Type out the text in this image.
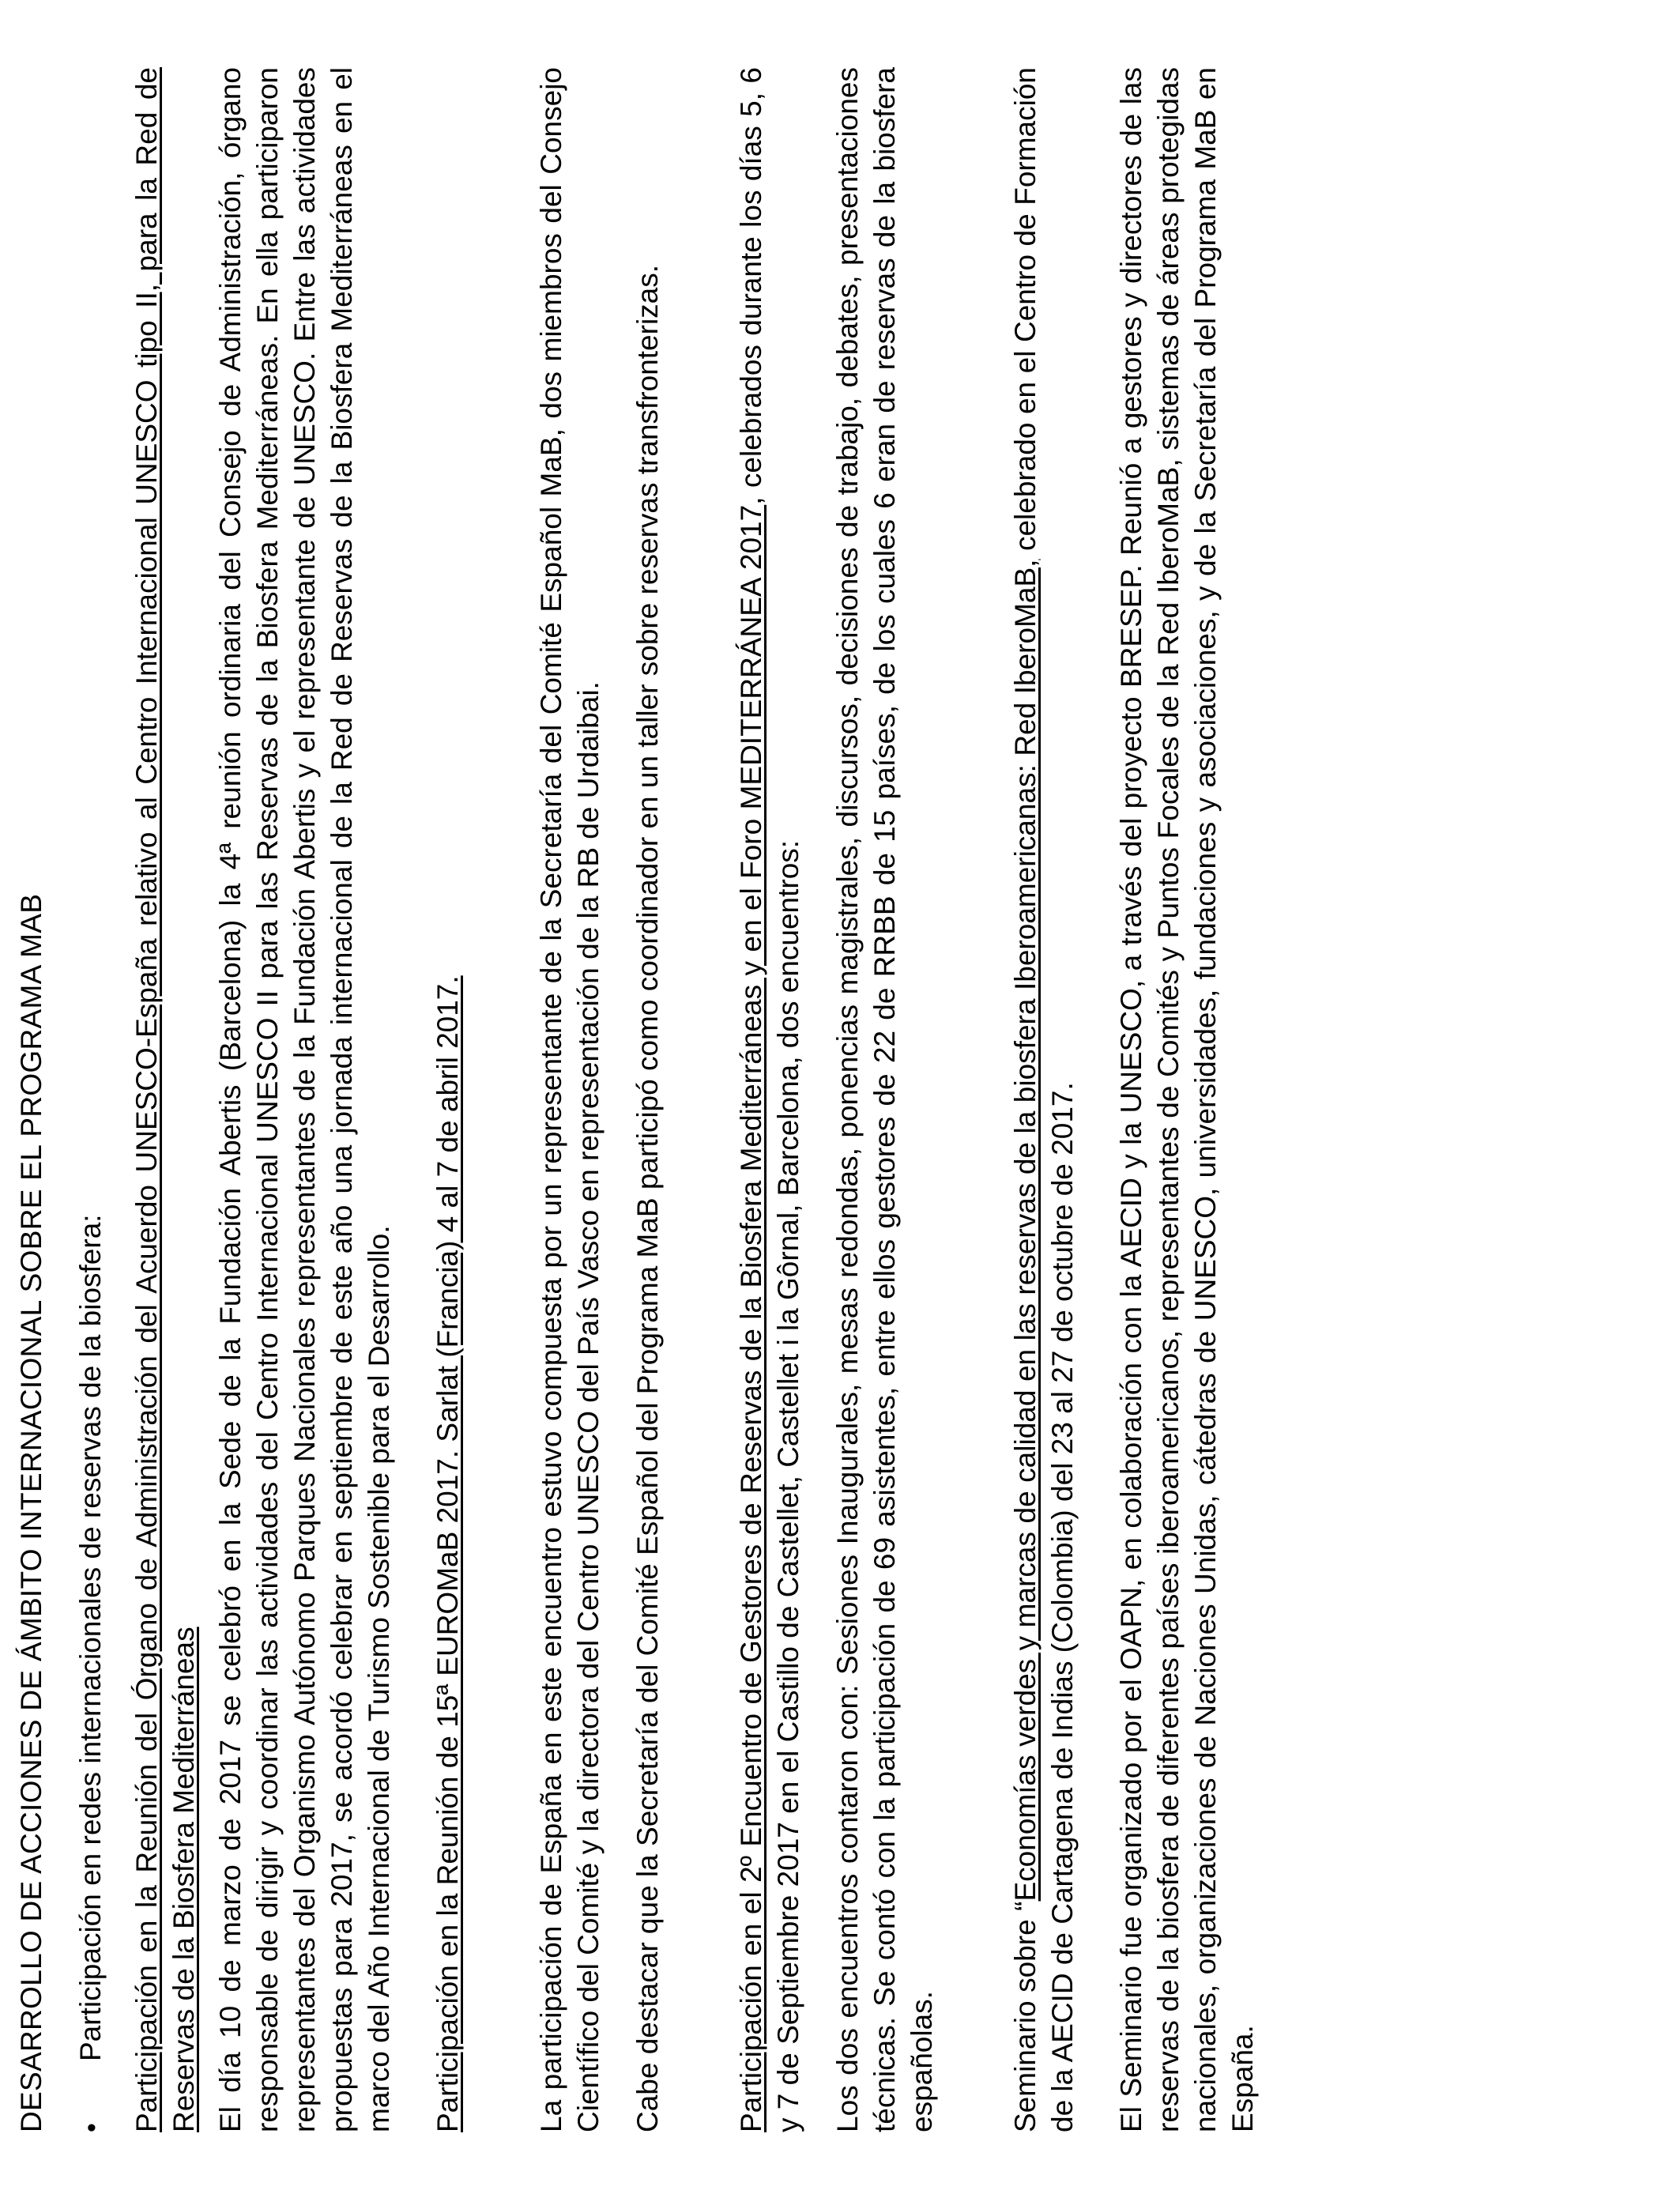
DESARROLLO DE ACCIONES DE ÁMBITO INTERNACIONAL SOBRE EL PROGRAMA MAB •
Participación en redes internacionales de reservas de la biosfera: Participación en la Reunión del Órgano de Administración del Acuerdo UNESCO-España relativo al Centro Internacional UNESCO tipo II, para la Red de Reservas de la Biosfera Mediterráneas El día 10 de marzo de 2017 se celebró en la Sede de la Fundación Abertis (Barcelona) la 4ª reunión ordinaria del Consejo de Administración, órgano responsable de dirigir y coordinar las actividades del Centro Internacional UNESCO II para las Reservas de la Biosfera Mediterráneas. En ella participaron representantes del Organismo Autónomo Parques Nacionales representantes de la Fundación Abertis y el representante de UNESCO. Entre las actividades propuestas para 2017, se acordó celebrar en septiembre de este año una jornada internacional de la Red de Reservas de la Biosfera Mediterráneas en el marco del Año Internacional de Turismo Sostenible para el Desarrollo. Participación en la Reunión de 15ª EUROMaB 2017. Sarlat (Francia) 4 al 7 de abril 2017. La participación de España en este encuentro estuvo compuesta por un representante de la Secretaría del Comité Español MaB, dos miembros del Consejo Científico del Comité y la directora del Centro UNESCO del País Vasco en representación de la RB de Urdaibai. Cabe destacar que la Secretaría del Comité Español del Programa MaB participó como coordinador en un taller sobre reservas transfronterizas. Participación en el 2º Encuentro de Gestores de Reservas de la Biosfera Mediterráneas y en el Foro MEDITERRÁNEA 2017, celebrados durante los días 5, 6 y 7 de Septiembre 2017 en el Castillo de Castellet, Castellet i la Gôrnal, Barcelona, dos encuentros: Los dos encuentros contaron con: Sesiones Inaugurales, mesas redondas, ponencias magistrales, discursos, decisiones de trabajo, debates, presentaciones técnicas. Se contó con la participación de 69 asistentes, entre ellos gestores de 22 de RRBB de 15 países, de los cuales 6 eran de reservas de la biosfera españolas. Seminario sobre “Economías verdes y marcas de calidad en las reservas de la biosfera Iberoamericanas: Red IberoMaB, celebrado en el Centro de Formación de la AECID de Cartagena de Indias (Colombia) del 23 al 27 de octubre de 2017. El Seminario fue organizado por el OAPN, en colaboración con la AECID y la UNESCO, a través del proyecto BRESEP. Reunió a gestores y directores de las reservas de la biosfera de diferentes países iberoamericanos, representantes de Comités y Puntos Focales de la Red IberoMaB, sistemas de áreas protegidas nacionales, organizaciones de Naciones Unidas, cátedras de UNESCO, universidades, fundaciones y asociaciones, y de la Secretaría del Programa MaB en España.
